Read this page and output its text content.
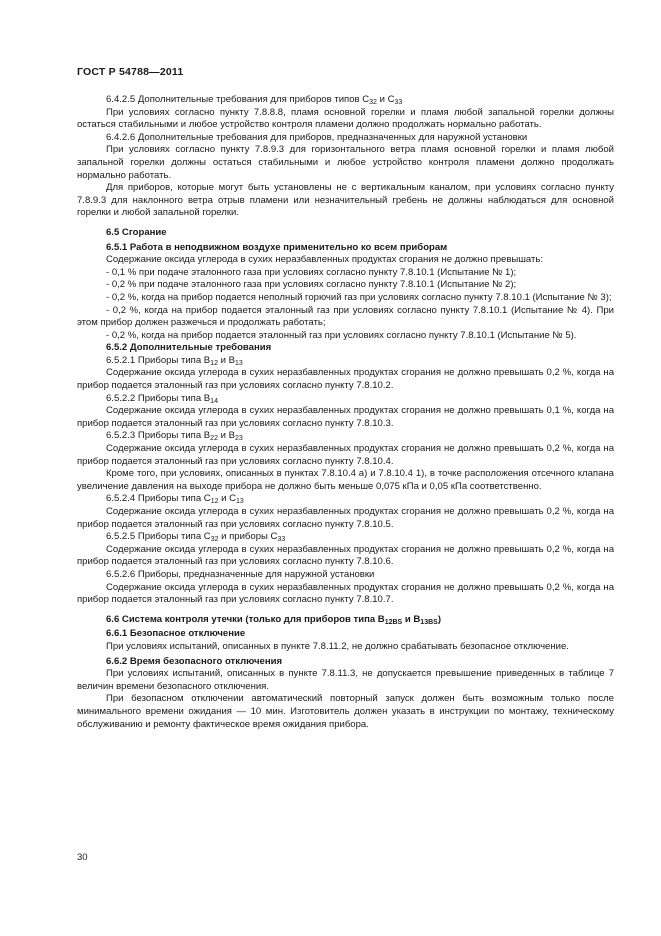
ГОСТ Р 54788—2011

6.4.2.5 Дополнительные требования для приборов типов $C_{32}$ и $C_{33}$

При условиях согласно пункту 7.8.8.8, пламя основной горелки и пламя любой запальной горелки должны остаться стабильными и любое устройство контроля пламени должно продолжать нормально работать.

6.4.2.6 Дополнительные требования для приборов, предназначенных для наружной установки

При условиях согласно пункту 7.8.9.3 для горизонтального ветра пламя основной горелки и пламя любой запальной горелки должны остаться стабильными и любое устройство контроля пламени должно продолжать нормально работать.

Для приборов, которые могут быть установлены не с вертикальным каналом, при условиях согласно пункту 7.8.9.3 для наклонного ветра отрыв пламени или незначительный гребень не должны наблюдаться для основной горелки и любой запальной горелки.

6.5 Сгорание

6.5.1 Работа в неподвижном воздухе применительно ко всем приборам

Содержание оксида углерода в сухих неразбавленных продуктах сгорания не должно превышать:

- 0,1 % при подаче эталонного газа при условиях согласно пункту 7.8.10.1 (Испытание № 1);

- 0,2 % при подаче эталонного газа при условиях согласно пункту 7.8.10.1 (Испытание № 2);

- 0,2 %, когда на прибор подается неполный горючий газ при условиях согласно пункту 7.8.10.1 (Испытание № 3);

- 0,2 %, когда на прибор подается эталонный газ при условиях согласно пункту 7.8.10.1 (Испытание № 4). При этом прибор должен разжечься и продолжать работать;

- 0,2 %, когда на прибор подается эталонный газ при условиях согласно пункту 7.8.10.1 (Испытание № 5).

6.5.2 Дополнительные требования

6.5.2.1 Приборы типа $B_{12}$ и $B_{13}$

Содержание оксида углерода в сухих неразбавленных продуктах сгорания не должно превышать 0,2 %, когда на прибор подается эталонный газ при условиях согласно пункту 7.8.10.2.

6.5.2.2 Приборы типа $B_{14}$

Содержание оксида углерода в сухих неразбавленных продуктах сгорания не должно превышать 0,1 %, когда на прибор подается эталонный газ при условиях согласно пункту 7.8.10.3.

6.5.2.3 Приборы типа $B_{22}$ и $B_{23}$

Содержание оксида углерода в сухих неразбавленных продуктах сгорания не должно превышать 0,2 %, когда на прибор подается эталонный газ при условиях согласно пункту 7.8.10.4.

Кроме того, при условиях, описанных в пунктах 7.8.10.4 а) и 7.8.10.4 1), в точке расположения отсечного клапана увеличение давления на выходе прибора не должно быть меньше 0,075 кПа и 0,05 кПа соответственно.

6.5.2.4 Приборы типа $C_{12}$ и $C_{13}$

Содержание оксида углерода в сухих неразбавленных продуктах сгорания не должно превышать 0,2 %, когда на прибор подается эталонный газ при условиях согласно пункту 7.8.10.5.

6.5.2.5 Приборы типа $C_{32}$ и приборы $C_{33}$

Содержание оксида углерода в сухих неразбавленных продуктах сгорания не должно превышать 0,2 %, когда на прибор подается эталонный газ при условиях согласно пункту 7.8.10.6.

6.5.2.6 Приборы, предназначенные для наружной установки

Содержание оксида углерода в сухих неразбавленных продуктах сгорания не должно превышать 0,2 %, когда на прибор подается эталонный газ при условиях согласно пункту 7.8.10.7.

6.6 Система контроля утечки (только для приборов типа $B_{12BS}$ и $B_{13BS}$)

6.6.1 Безопасное отключение

При условиях испытаний, описанных в пункте 7.8.11.2, не должно срабатывать безопасное отключение.

6.6.2 Время безопасного отключения

При условиях испытаний, описанных в пункте 7.8.11.3, не допускается превышение приведенных в таблице 7 величин времени безопасного отключения.

При безопасном отключении автоматический повторный запуск должен быть возможным только после минимального времени ожидания — 10 мин. Изготовитель должен указать в инструкции по монтажу, техническому обслуживанию и ремонту фактическое время ожидания прибора.

30
